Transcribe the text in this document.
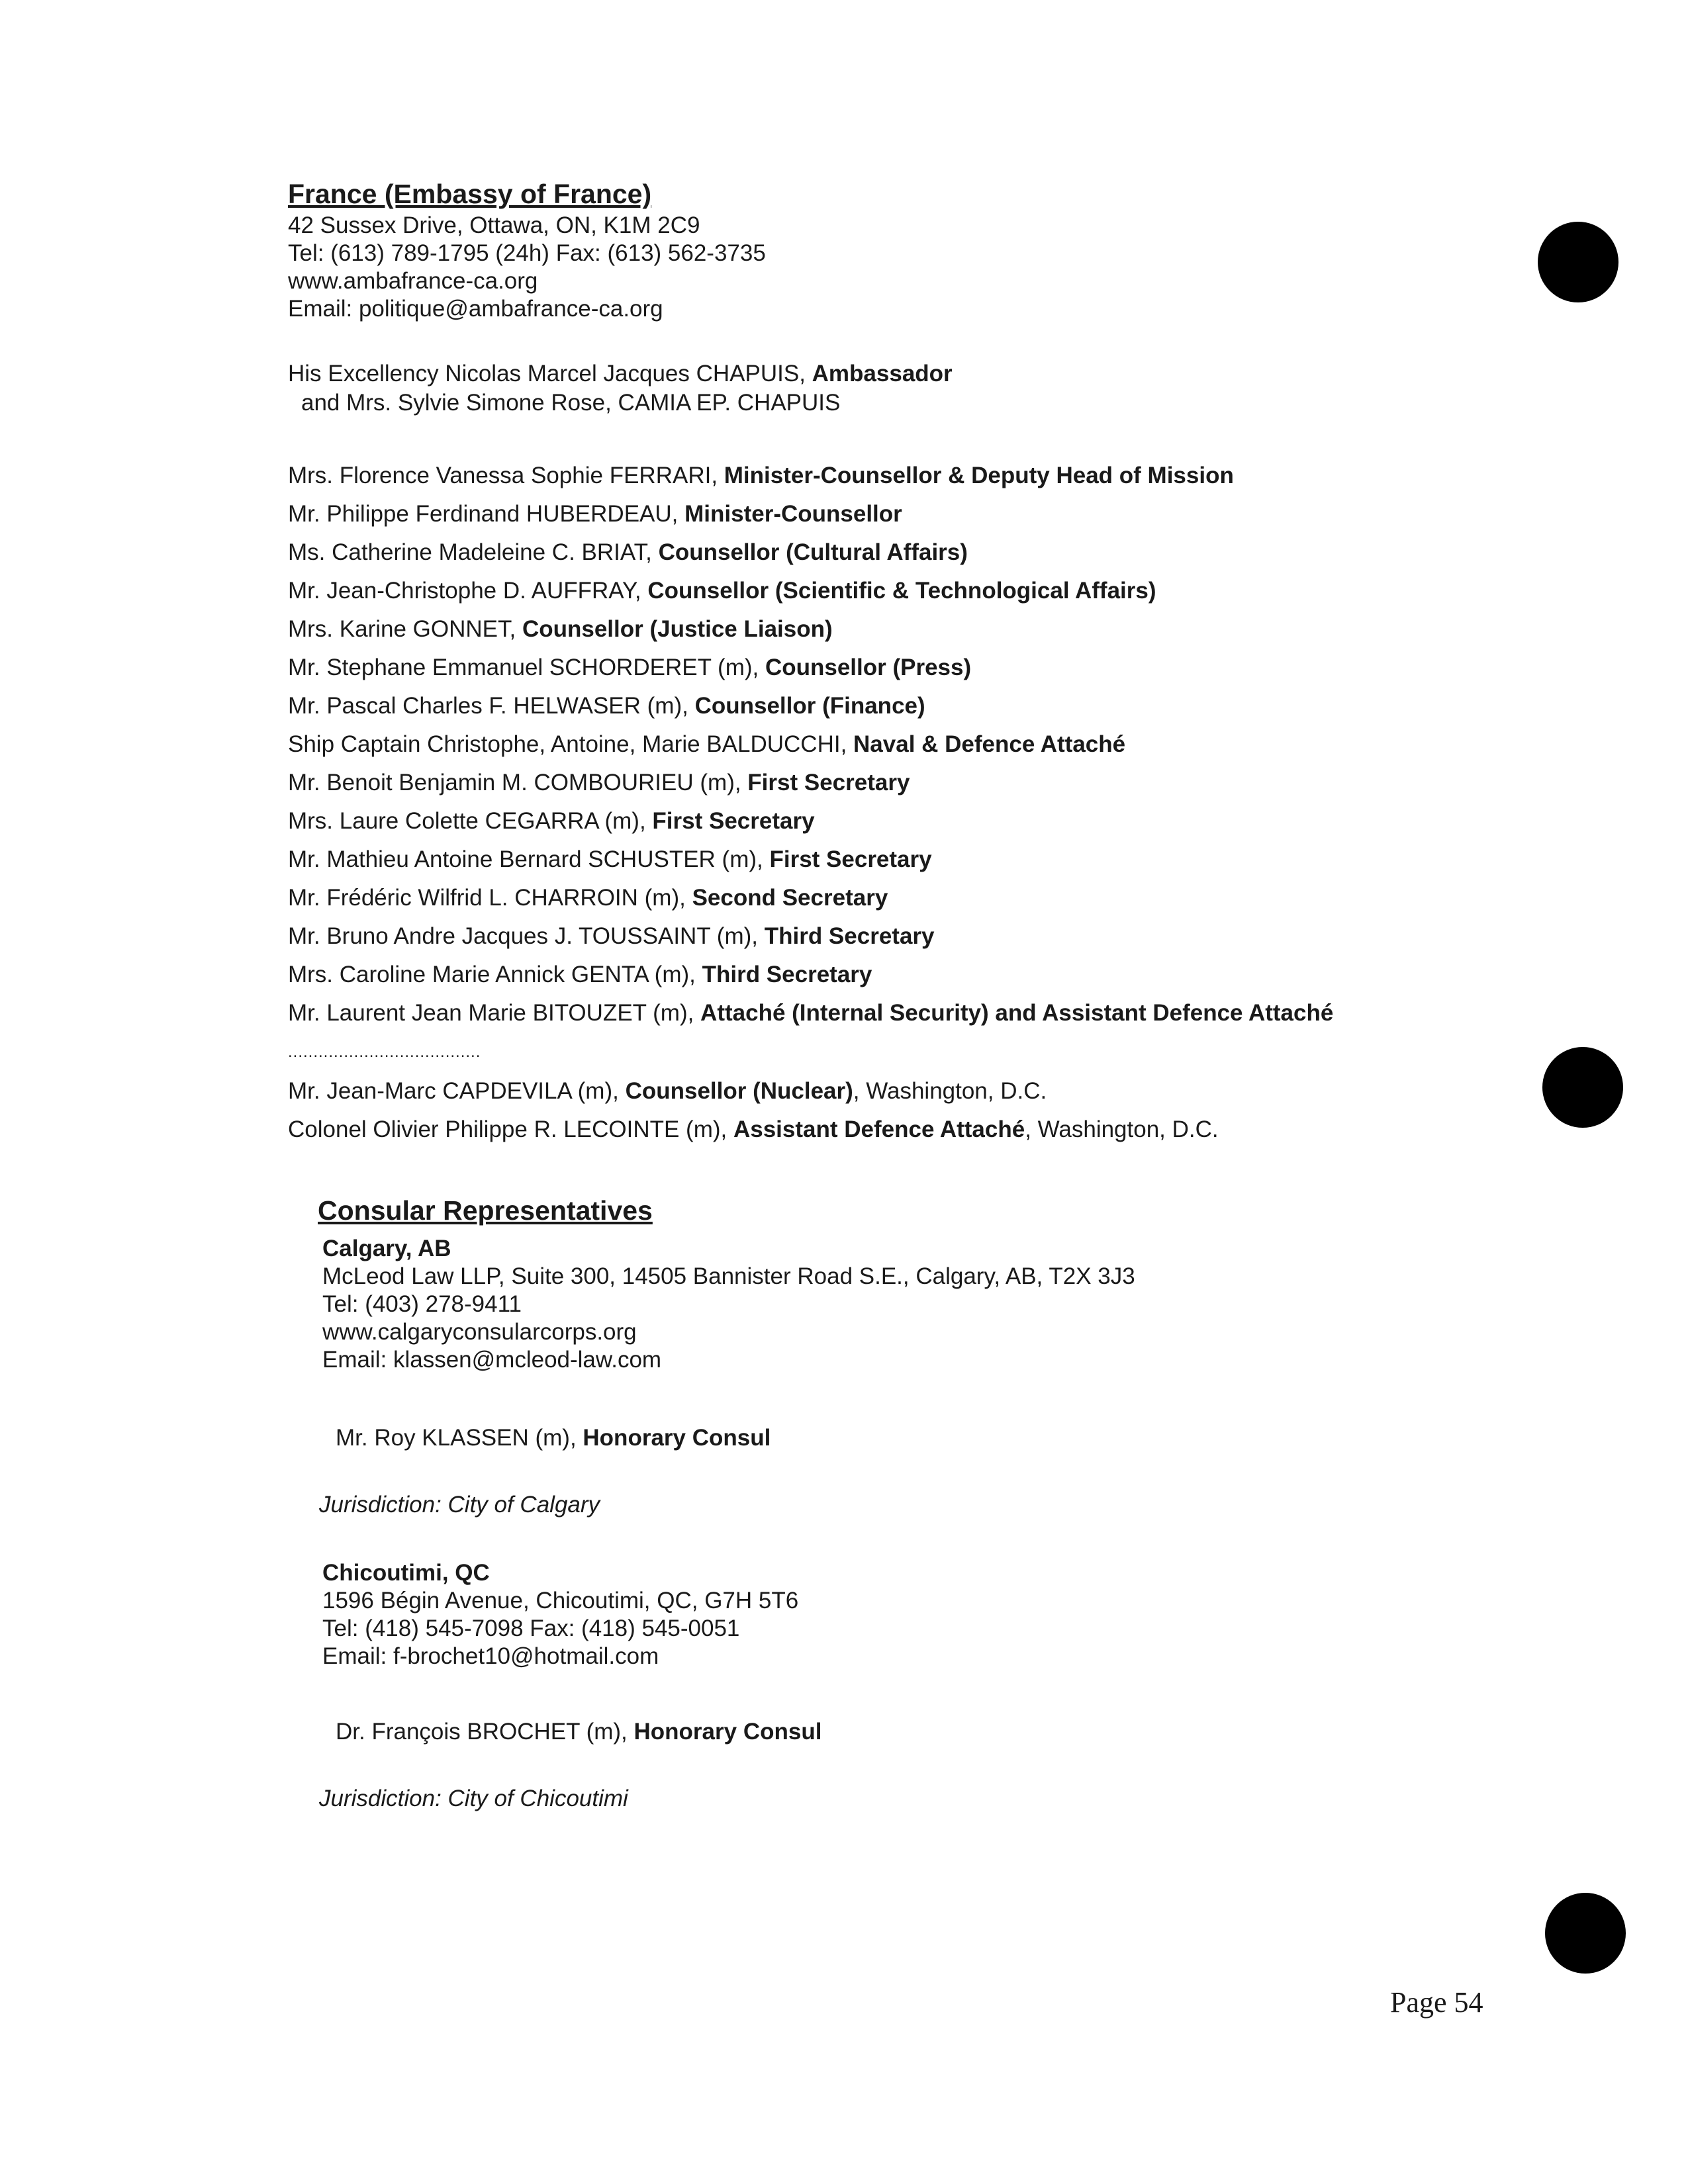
France (Embassy of France)
42 Sussex Drive, Ottawa, ON, K1M 2C9
Tel: (613) 789-1795 (24h) Fax: (613) 562-3735
www.ambafrance-ca.org
Email: politique@ambafrance-ca.org
His Excellency Nicolas Marcel Jacques CHAPUIS, Ambassador
and Mrs. Sylvie Simone Rose, CAMIA EP. CHAPUIS
Mrs. Florence Vanessa Sophie FERRARI, Minister-Counsellor & Deputy Head of Mission
Mr. Philippe Ferdinand HUBERDEAU, Minister-Counsellor
Ms. Catherine Madeleine C. BRIAT, Counsellor (Cultural Affairs)
Mr. Jean-Christophe D. AUFFRAY, Counsellor (Scientific & Technological Affairs)
Mrs. Karine GONNET, Counsellor (Justice Liaison)
Mr. Stephane Emmanuel SCHORDERET (m), Counsellor (Press)
Mr. Pascal Charles F. HELWASER (m), Counsellor (Finance)
Ship Captain Christophe, Antoine, Marie BALDUCCHI, Naval & Defence Attaché
Mr. Benoit Benjamin M. COMBOURIEU (m), First Secretary
Mrs. Laure Colette CEGARRA (m), First Secretary
Mr. Mathieu Antoine Bernard SCHUSTER (m), First Secretary
Mr. Frédéric Wilfrid L. CHARROIN (m), Second Secretary
Mr. Bruno Andre Jacques J. TOUSSAINT (m), Third Secretary
Mrs. Caroline Marie Annick GENTA (m), Third Secretary
Mr. Laurent Jean Marie BITOUZET (m), Attaché (Internal Security) and Assistant Defence Attaché
......................................
Mr. Jean-Marc CAPDEVILA (m), Counsellor (Nuclear), Washington, D.C.
Colonel Olivier Philippe R. LECOINTE (m), Assistant Defence Attaché, Washington, D.C.
Consular Representatives
Calgary, AB
McLeod Law LLP, Suite 300, 14505 Bannister Road S.E., Calgary, AB, T2X 3J3
Tel: (403) 278-9411
www.calgaryconsularcorps.org
Email: klassen@mcleod-law.com
Mr. Roy KLASSEN (m), Honorary Consul
Jurisdiction: City of Calgary
Chicoutimi, QC
1596 Bégin Avenue, Chicoutimi, QC, G7H 5T6
Tel: (418) 545-7098 Fax: (418) 545-0051
Email: f-brochet10@hotmail.com
Dr. François BROCHET (m), Honorary Consul
Jurisdiction: City of Chicoutimi
Page 54
